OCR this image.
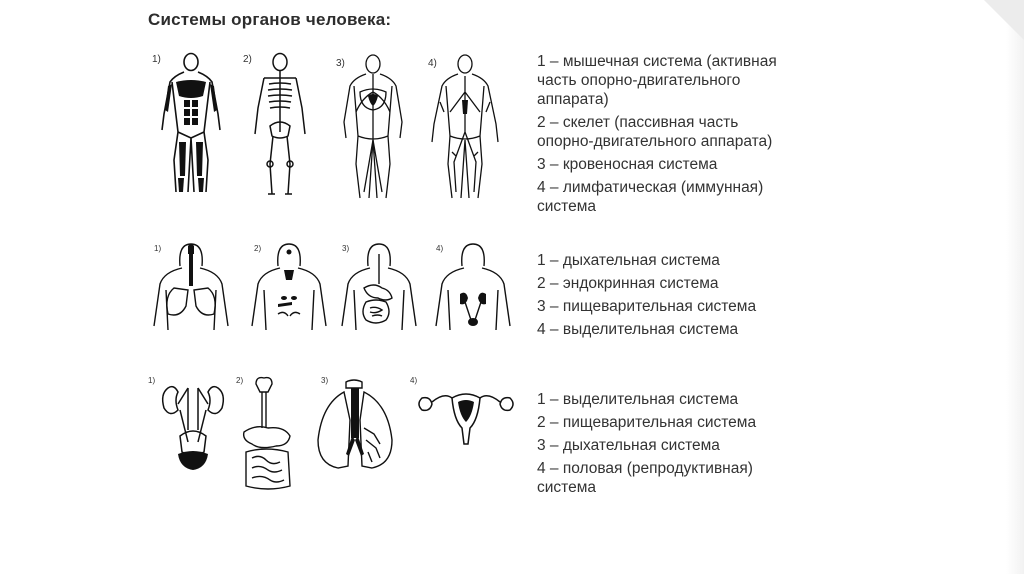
Системы органов человека:
1)	2)	3)	4)
1)	2)	3)	4)
1)	2)	3)	4)
1 – мышечная система (активная
часть опорно-двигательного
аппарата)
2 – скелет (пассивная часть
опорно-двигательного аппарата)
3 – кровеносная система
4 – лимфатическая (иммунная)
система
1 – дыхательная система
2 – эндокринная система
3 – пищеварительная система
4 – выделительная система
1 – выделительная система
2 – пищеварительная система
3 – дыхательная система
4 – половая (репродуктивная)
система
